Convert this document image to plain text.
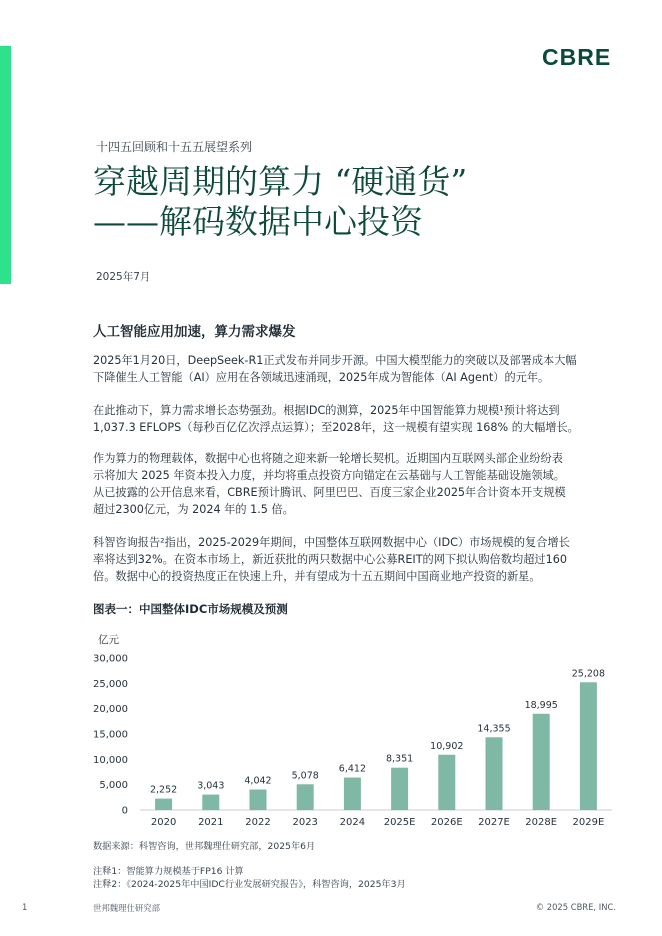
CBRE
十四五回顾和十五五展望系列
穿越周期的算力 “硬通货”
——解码数据中心投资
2025年7月
人工智能应用加速，算力需求爆发

2025年1月20日，DeepSeek-R1正式发布并同步开源。中国大模型能力的突破以及部署成本大幅
下降催生人工智能（AI）应用在各领域迅速涌现，2025年成为智能体（AI Agent）的元年。

在此推动下，算力需求增长态势强劲。根据IDC的测算，2025年中国智能算力规模¹预计将达到
1,037.3 EFLOPS（每秒百亿亿次浮点运算）；至2028年，这一规模有望实现 168% 的大幅增长。

作为算力的物理载体，数据中心也将随之迎来新一轮增长契机。近期国内互联网头部企业纷纷表
示将加大 2025 年资本投入力度，并均将重点投资方向锚定在云基础与人工智能基础设施领域。
从已披露的公开信息来看，CBRE预计腾讯、阿里巴巴、百度三家企业2025年合计资本开支规模
超过2300亿元，为 2024 年的 1.5 倍。

科智咨询报告²指出，2025-2029年期间，中国整体互联网数据中心（IDC）市场规模的复合增长
率将达到32%。在资本市场上，新近获批的两只数据中心公募REIT的网下拟认购倍数均超过160
倍。数据中心的投资热度正在快速上升，并有望成为十五五期间中国商业地产投资的新星。

图表一：中国整体IDC市场规模及预测
亿元
0
5,000
10,000
15,000
20,000
25,000
30,000
2,252
2020
3,043
2021
4,042
2022
5,078
2023
6,412
2024
8,351
2025E
10,902
2026E
14,355
2027E
18,995
2028E
25,208
2029E
数据来源：科智咨询，世邦魏理仕研究部，2025年6月
注释1：智能算力规模基于FP16 计算
注释2：《2024-2025年中国IDC行业发展研究报告》，科智咨询，2025年3月
1	世邦魏理仕研究部	© 2025 CBRE, INC.
